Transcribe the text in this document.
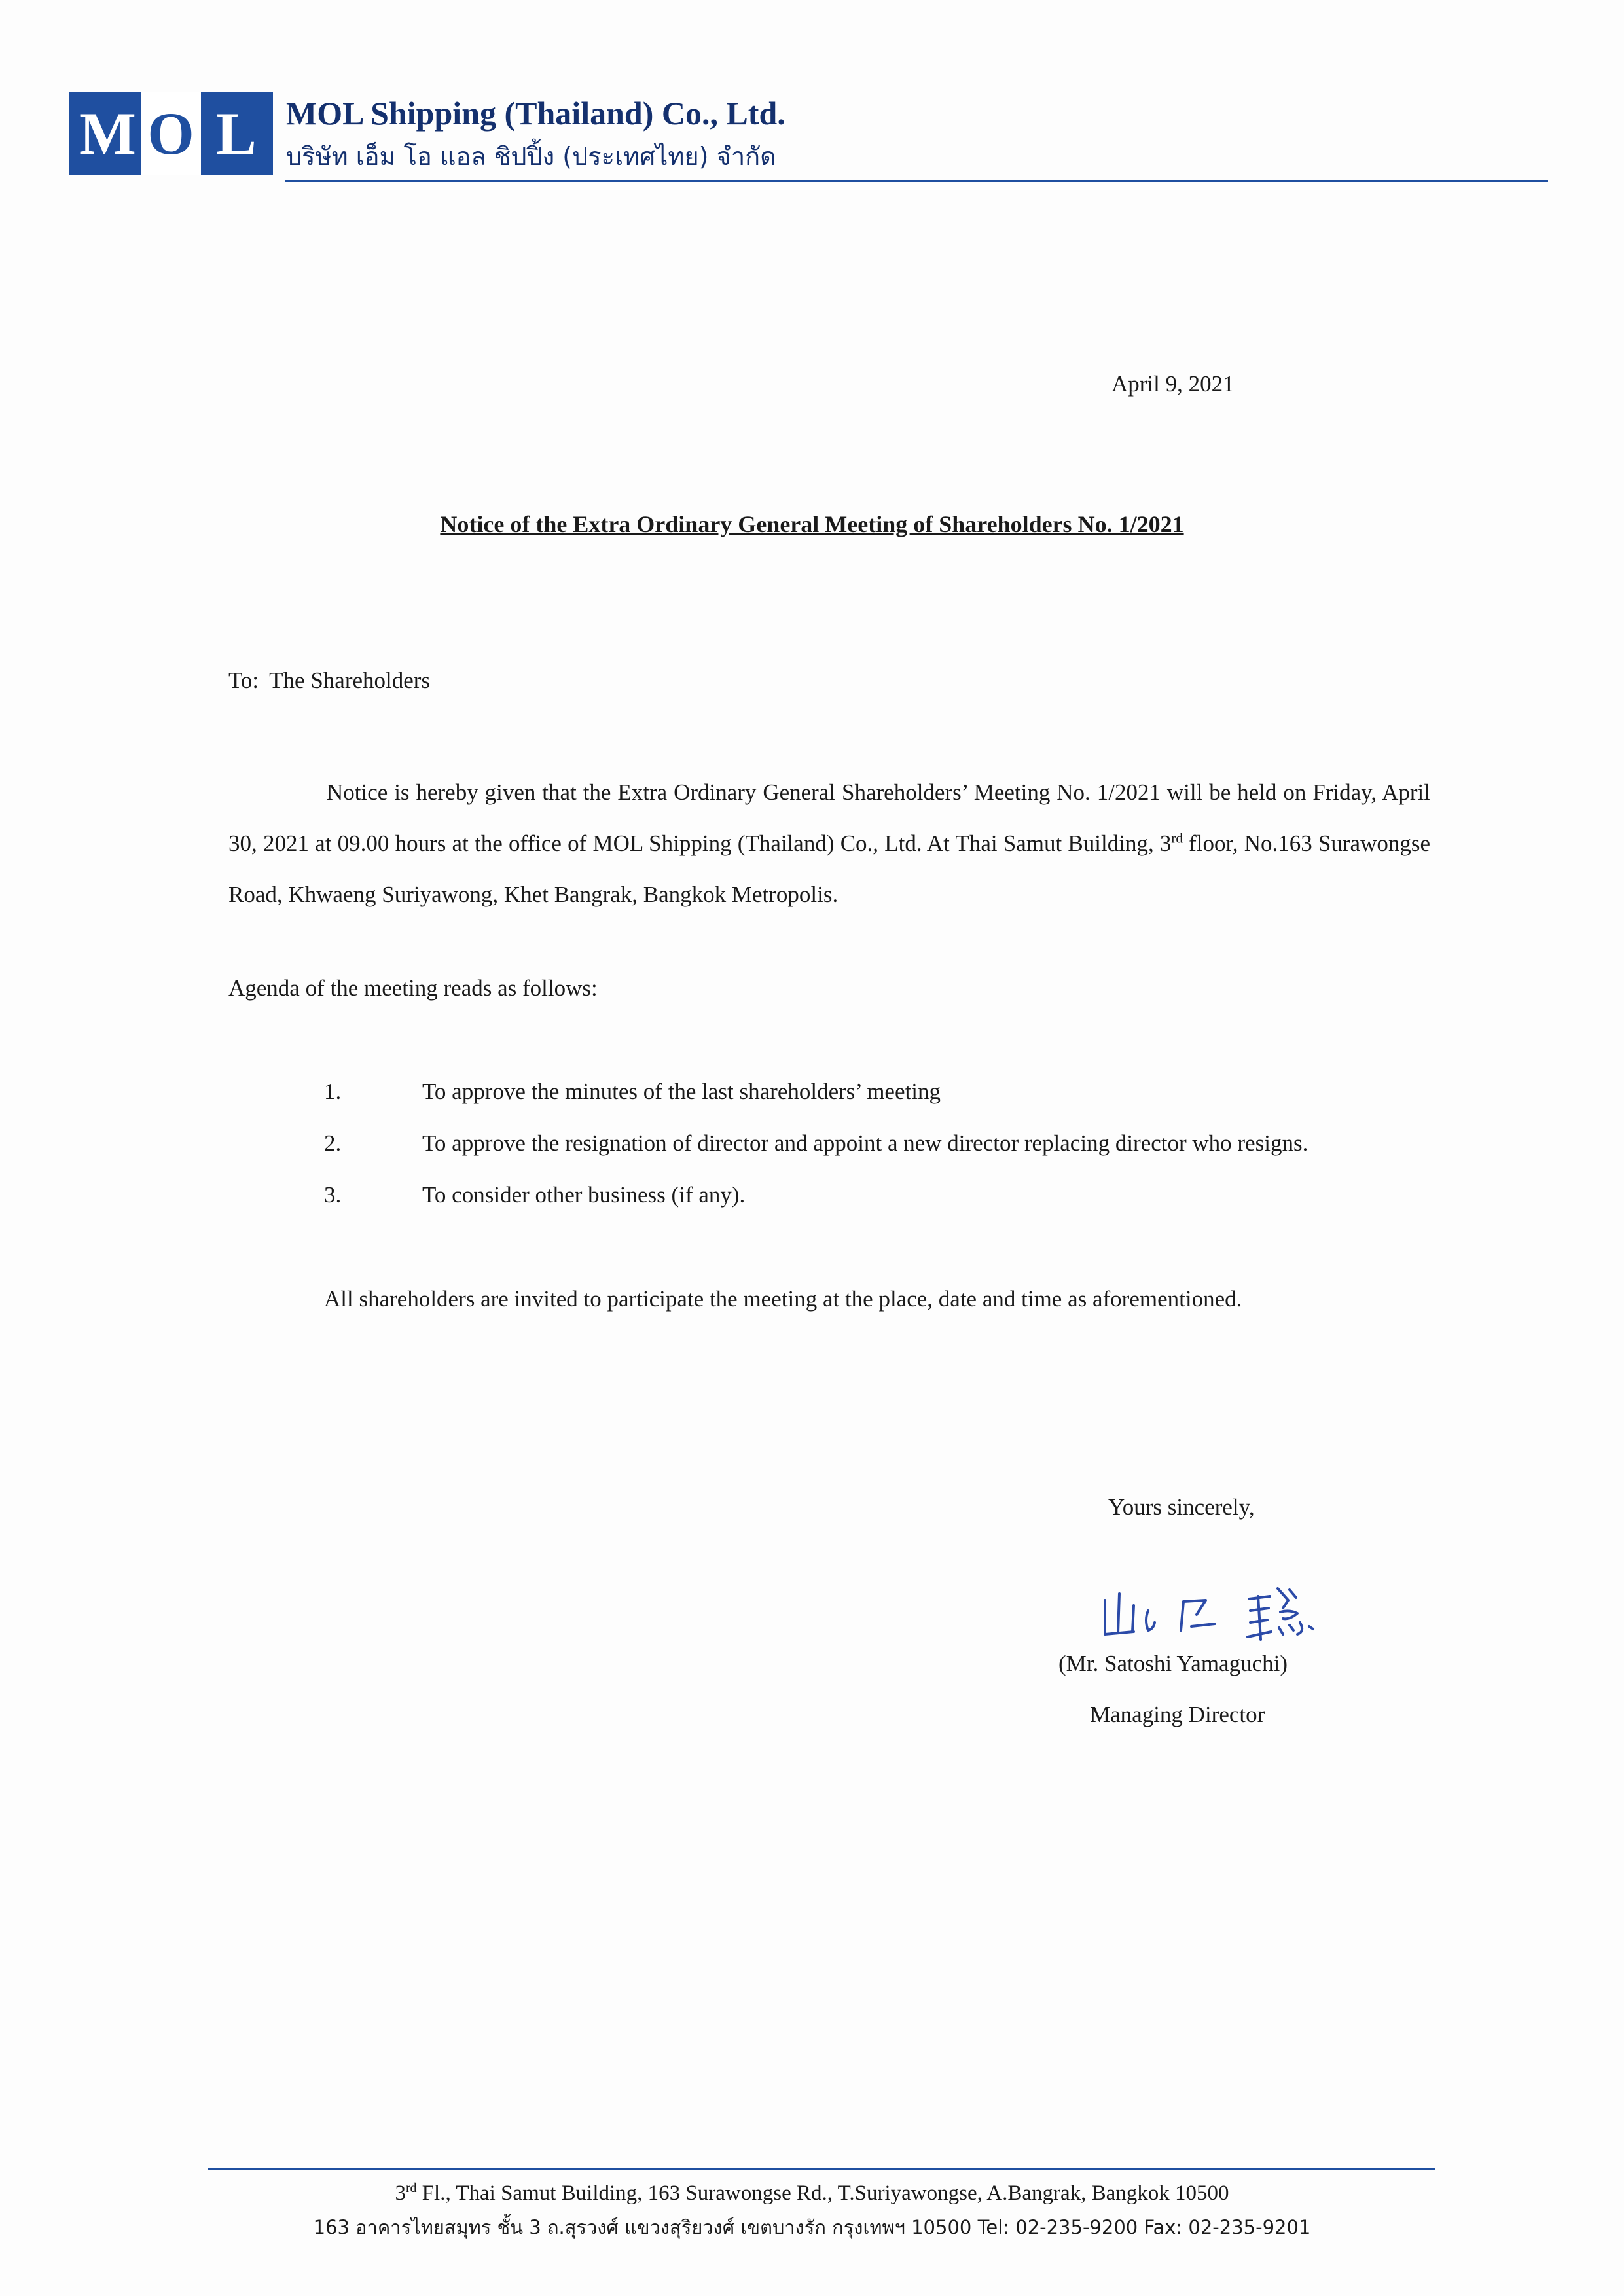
M O L MOL Shipping (Thailand) Co., Ltd.
บริษัท เอ็ม โอ แอล ชิปปิ้ง (ประเทศไทย) จำกัด
April 9, 2021
Notice of the Extra Ordinary General Meeting of Shareholders No. 1/2021
To: The Shareholders
Notice is hereby given that the Extra Ordinary General Shareholders’ Meeting No. 1/2021 will be held on Friday, April 30, 2021 at 09.00 hours at the office of MOL Shipping (Thailand) Co., Ltd. At Thai Samut Building, 3rd floor, No.163 Surawongse Road, Khwaeng Suriyawong, Khet Bangrak, Bangkok Metropolis.
Agenda of the meeting reads as follows:
1.	To approve the minutes of the last shareholders’ meeting
2.	To approve the resignation of director and appoint a new director replacing director who resigns.
3.	To consider other business (if any).
All shareholders are invited to participate the meeting at the place, date and time as aforementioned.
Yours sincerely,
(Mr. Satoshi Yamaguchi)
Managing Director
3rd Fl., Thai Samut Building, 163 Surawongse Rd., T.Suriyawongse, A.Bangrak, Bangkok 10500
163 อาคารไทยสมุทร ชั้น 3 ถ.สุรวงศ์ แขวงสุริยวงศ์ เขตบางรัก กรุงเทพฯ 10500 Tel: 02-235-9200 Fax: 02-235-9201
